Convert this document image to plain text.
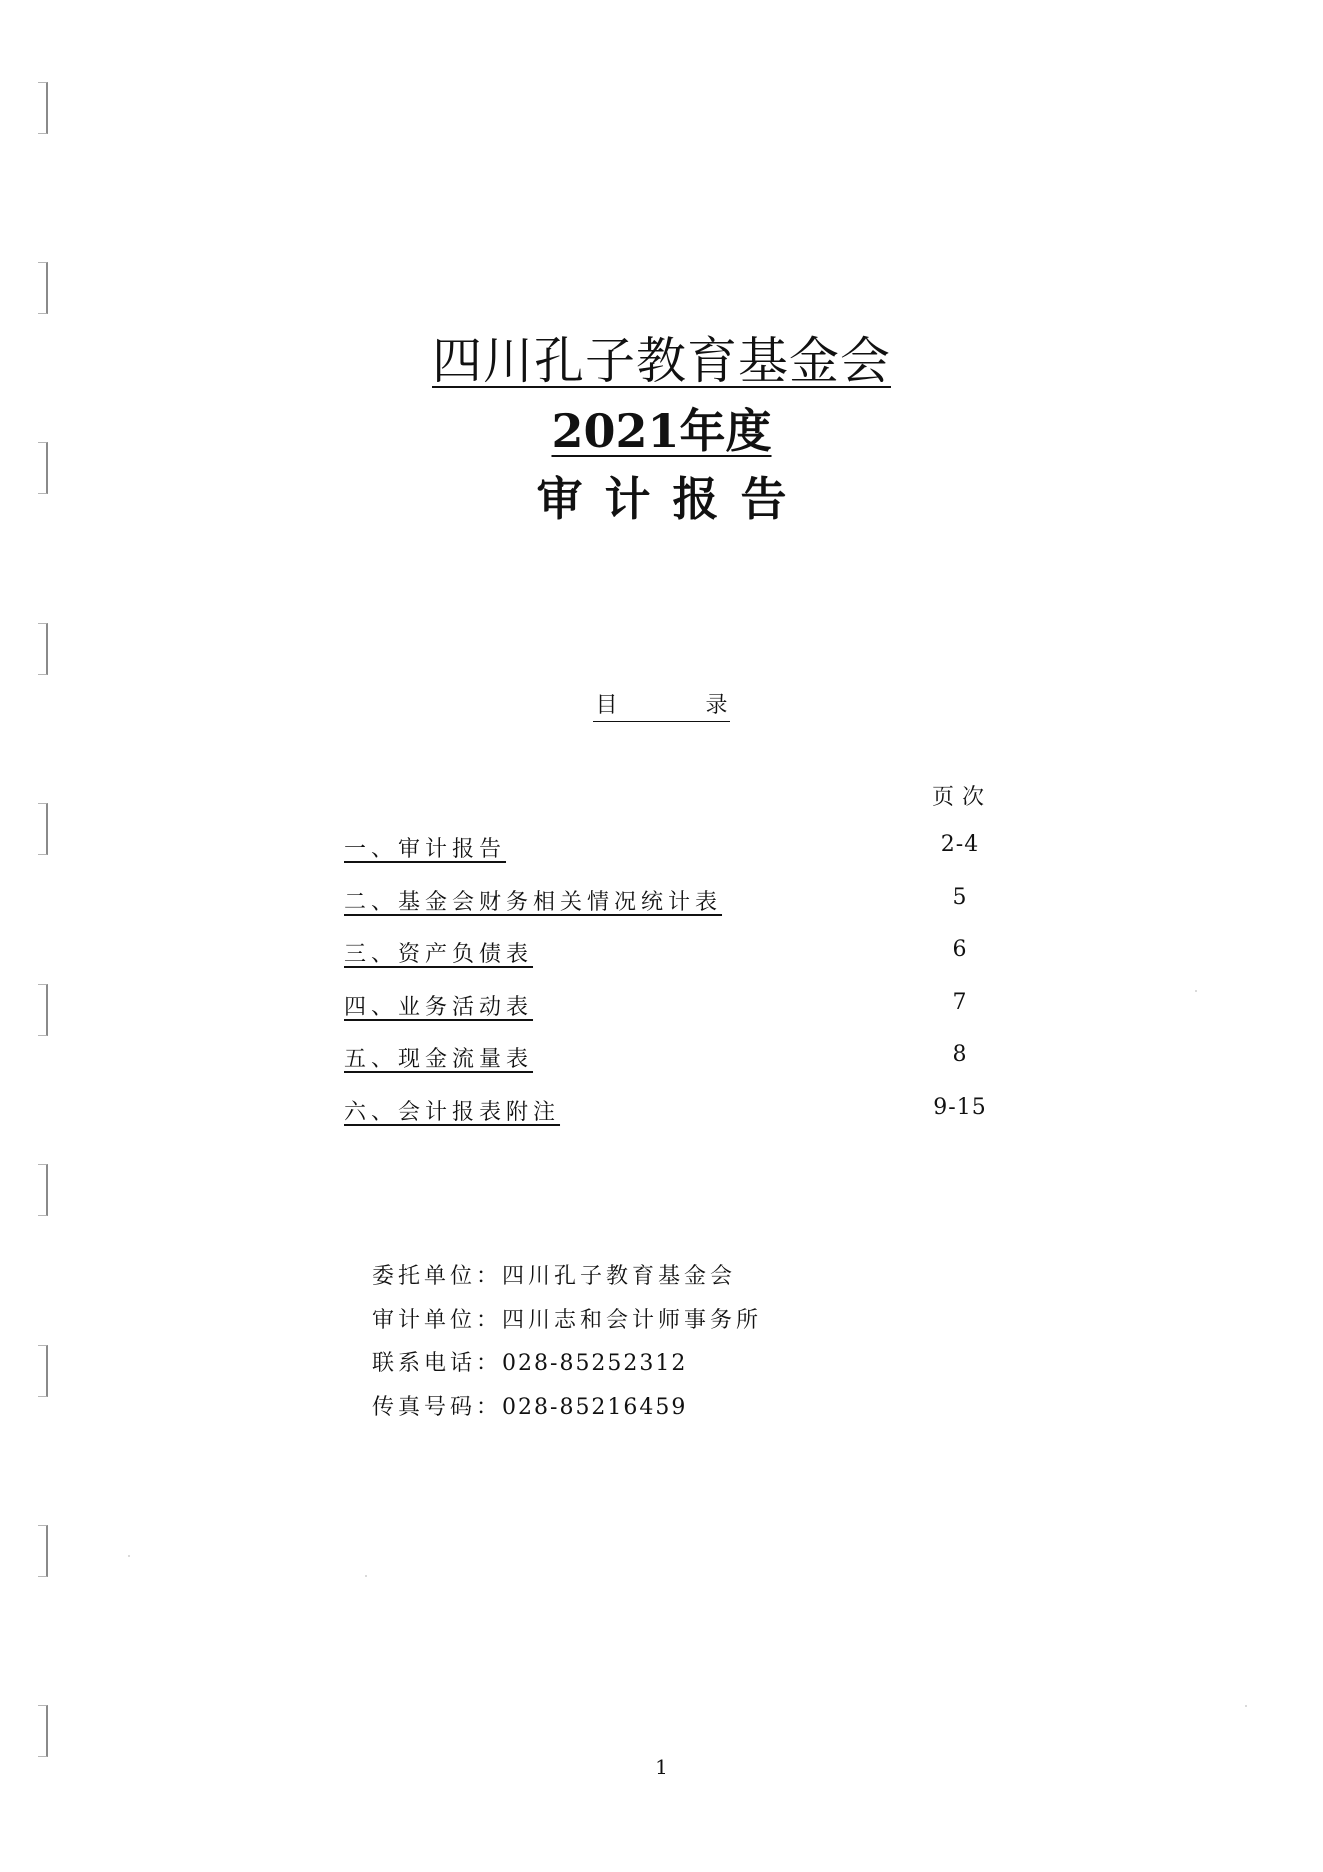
四川孔子教育基金会
2021年度
审计报告
目	录
页次
一、审计报告	2-4
二、基金会财务相关情况统计表	5
三、资产负债表	6
四、业务活动表	7
五、现金流量表	8
六、会计报表附注	9-15
委托单位：四川孔子教育基金会
审计单位：四川志和会计师事务所
联系电话：028-85252312
传真号码：028-85216459
1
